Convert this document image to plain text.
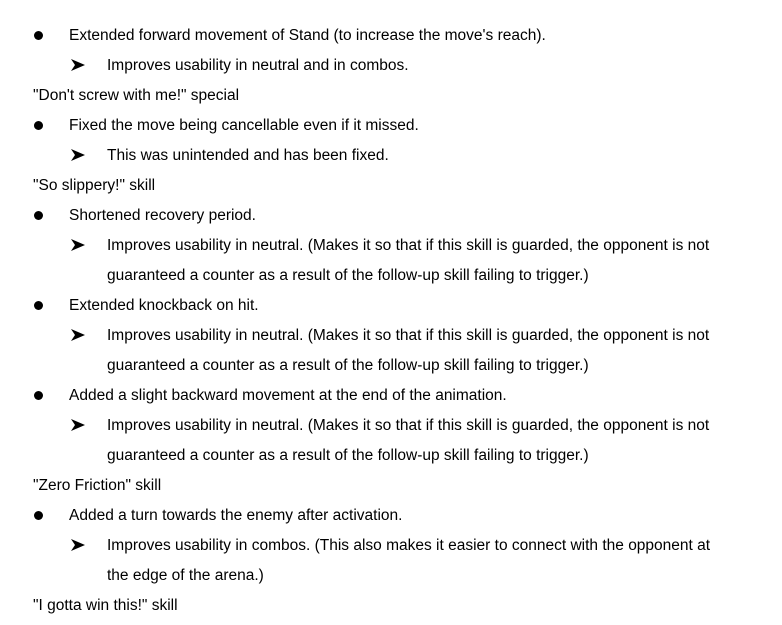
Extended forward movement of Stand (to increase the move's reach).
Improves usability in neutral and in combos.
"Don't screw with me!" special
Fixed the move being cancellable even if it missed.
This was unintended and has been fixed.
"So slippery!" skill
Shortened recovery period.
Improves usability in neutral. (Makes it so that if this skill is guarded, the opponent is not
guaranteed a counter as a result of the follow-up skill failing to trigger.)
Extended knockback on hit.
Improves usability in neutral. (Makes it so that if this skill is guarded, the opponent is not
guaranteed a counter as a result of the follow-up skill failing to trigger.)
Added a slight backward movement at the end of the animation.
Improves usability in neutral. (Makes it so that if this skill is guarded, the opponent is not
guaranteed a counter as a result of the follow-up skill failing to trigger.)
"Zero Friction" skill
Added a turn towards the enemy after activation.
Improves usability in combos. (This also makes it easier to connect with the opponent at
the edge of the arena.)
"I gotta win this!" skill
